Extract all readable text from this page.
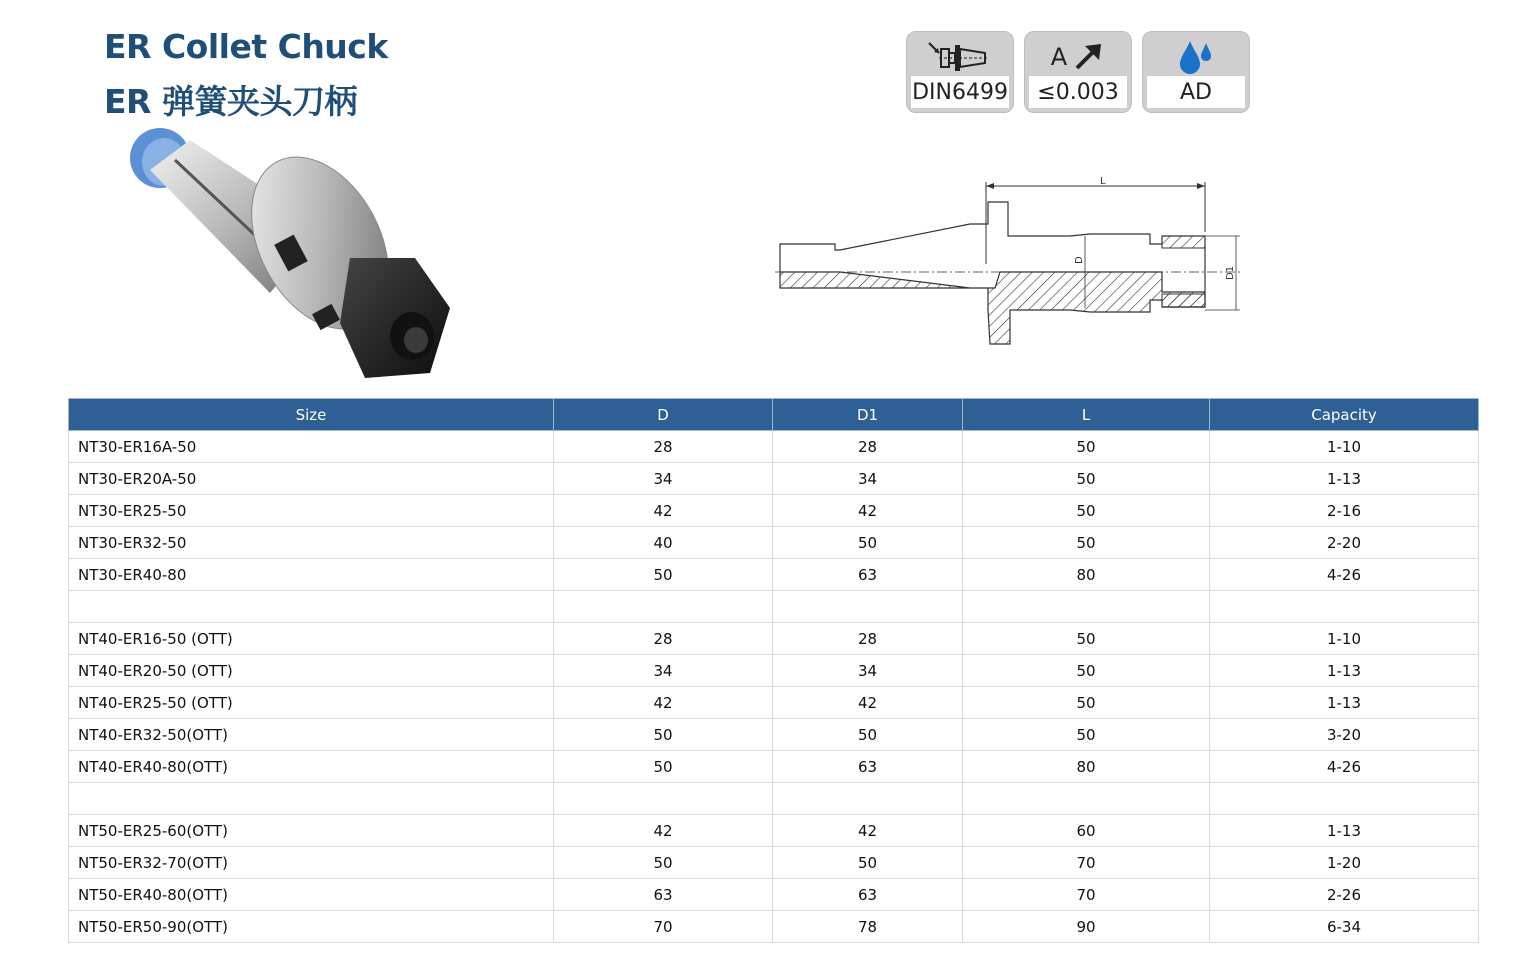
ER Collet Chuck
ER 弹簧夹头刀柄	DIN6499
A
≤0.003	AD
L
D
D1
Size	D	D1	L	Capacity
NT30-ER16A-50	28	28	50	1-10
NT30-ER20A-50	34	34	50	1-13
NT30-ER25-50	42	42	50	2-16
NT30-ER32-50	40	50	50	2-20
NT30-ER40-80	50	63	80	4-26

NT40-ER16-50 (OTT)	28	28	50	1-10
NT40-ER20-50 (OTT)	34	34	50	1-13
NT40-ER25-50 (OTT)	42	42	50	1-13
NT40-ER32-50(OTT)	50	50	50	3-20
NT40-ER40-80(OTT)	50	63	80	4-26

NT50-ER25-60(OTT)	42	42	60	1-13
NT50-ER32-70(OTT)	50	50	70	1-20
NT50-ER40-80(OTT)	63	63	70	2-26
NT50-ER50-90(OTT)	70	78	90	6-34
